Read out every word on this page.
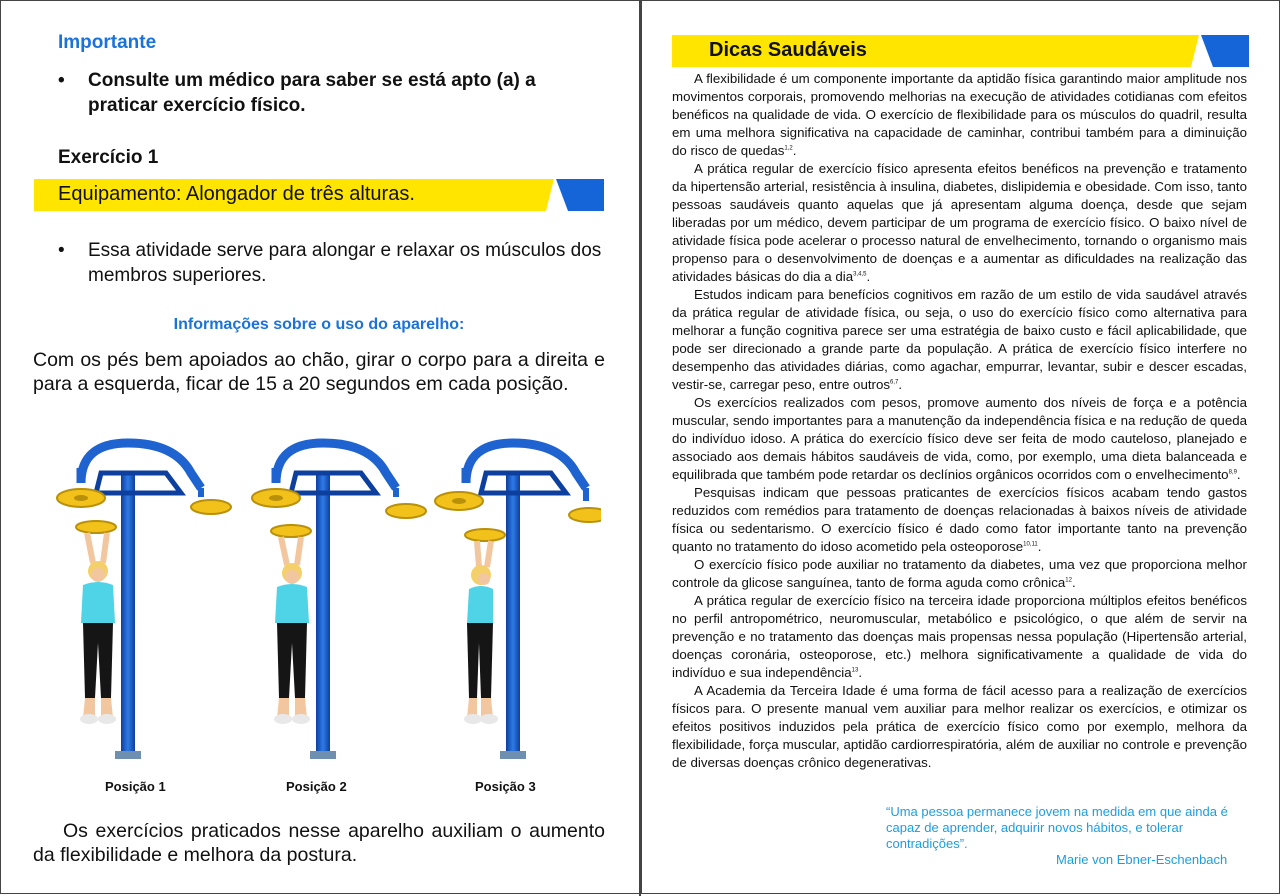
Importante
• Consulte um médico para saber se está apto (a) a praticar exercício físico.
Exercício 1
Equipamento: Alongador de três alturas.
• Essa atividade serve para alongar e relaxar os músculos dos membros superiores.
Informações sobre o uso do aparelho:
Com os pés bem apoiados ao chão, girar o corpo para a direita e para a esquerda, ficar de 15 a 20 segundos em cada posição.
Posição 1	Posição 2	Posição 3
Os exercícios praticados nesse aparelho auxiliam o aumento da flexibilidade e melhora da postura.
Dicas Saudáveis

A flexibilidade é um componente importante da aptidão física garantindo maior amplitude nos movimentos corporais, promovendo melhorias na execução de atividades cotidianas com efeitos benéficos na qualidade de vida. O exercício de flexibilidade para os músculos do quadril, resulta em uma melhora significativa na capacidade de caminhar, contribui também para a diminuição do risco de quedas$^{1,2}$.

A prática regular de exercício físico apresenta efeitos benéficos na prevenção e tratamento da hipertensão arterial, resistência à insulina, diabetes, dislipidemia e obesidade. Com isso, tanto pessoas saudáveis quanto aquelas que já apresentam alguma doença, desde que sejam liberadas por um médico, devem participar de um programa de exercício físico. O baixo nível de atividade física pode acelerar o processo natural de envelhecimento, tornando o organismo mais propenso para o desenvolvimento de doenças e a aumentar as dificuldades na realização das atividades básicas do dia a dia$^{3,4,5}$.

Estudos indicam para benefícios cognitivos em razão de um estilo de vida saudável através da prática regular de atividade física, ou seja, o uso do exercício físico como alternativa para melhorar a função cognitiva parece ser uma estratégia de baixo custo e fácil aplicabilidade, que pode ser direcionado a grande parte da população. A prática de exercício físico interfere no desempenho das atividades diárias, como agachar, empurrar, levantar, subir e descer escadas, vestir-se, carregar peso, entre outros$^{6,7}$.

Os exercícios realizados com pesos, promove aumento dos níveis de força e a potência muscular, sendo importantes para a manutenção da independência física e na redução de queda do indivíduo idoso. A prática do exercício físico deve ser feita de modo cauteloso, planejado e associado aos demais hábitos saudáveis de vida, como, por exemplo, uma dieta balanceada e equilibrada que também pode retardar os declínios orgânicos ocorridos com o envelhecimento$^{8,9}$.

Pesquisas indicam que pessoas praticantes de exercícios físicos acabam tendo gastos reduzidos com remédios para tratamento de doenças relacionadas à baixos níveis de atividade física ou sedentarismo. O exercício físico é dado como fator importante tanto na prevenção quanto no tratamento do idoso acometido pela osteoporose$^{10,11}$.

O exercício físico pode auxiliar no tratamento da diabetes, uma vez que proporciona melhor controle da glicose sanguínea, tanto de forma aguda como crônica$^{12}$.

A prática regular de exercício físico na terceira idade proporciona múltiplos efeitos benéficos no perfil antropométrico, neuromuscular, metabólico e psicológico, o que além de servir na prevenção e no tratamento das doenças mais propensas nessa população (Hipertensão arterial, doenças coronária, osteoporose, etc.) melhora significativamente a qualidade de vida do indivíduo e sua independência$^{13}$.

A Academia da Terceira Idade é uma forma de fácil acesso para a realização de exercícios físicos para. O presente manual vem auxiliar para melhor realizar os exercícios, e otimizar os efeitos positivos induzidos pela prática de exercício físico como por exemplo, melhora da flexibilidade, força muscular, aptidão cardiorrespiratória, além de auxiliar no controle e prevenção de diversas doenças crônico degenerativas.

“Uma pessoa permanece jovem na medida em que ainda é capaz de aprender, adquirir novos hábitos, e tolerar contradições”.
Marie von Ebner-Eschenbach
